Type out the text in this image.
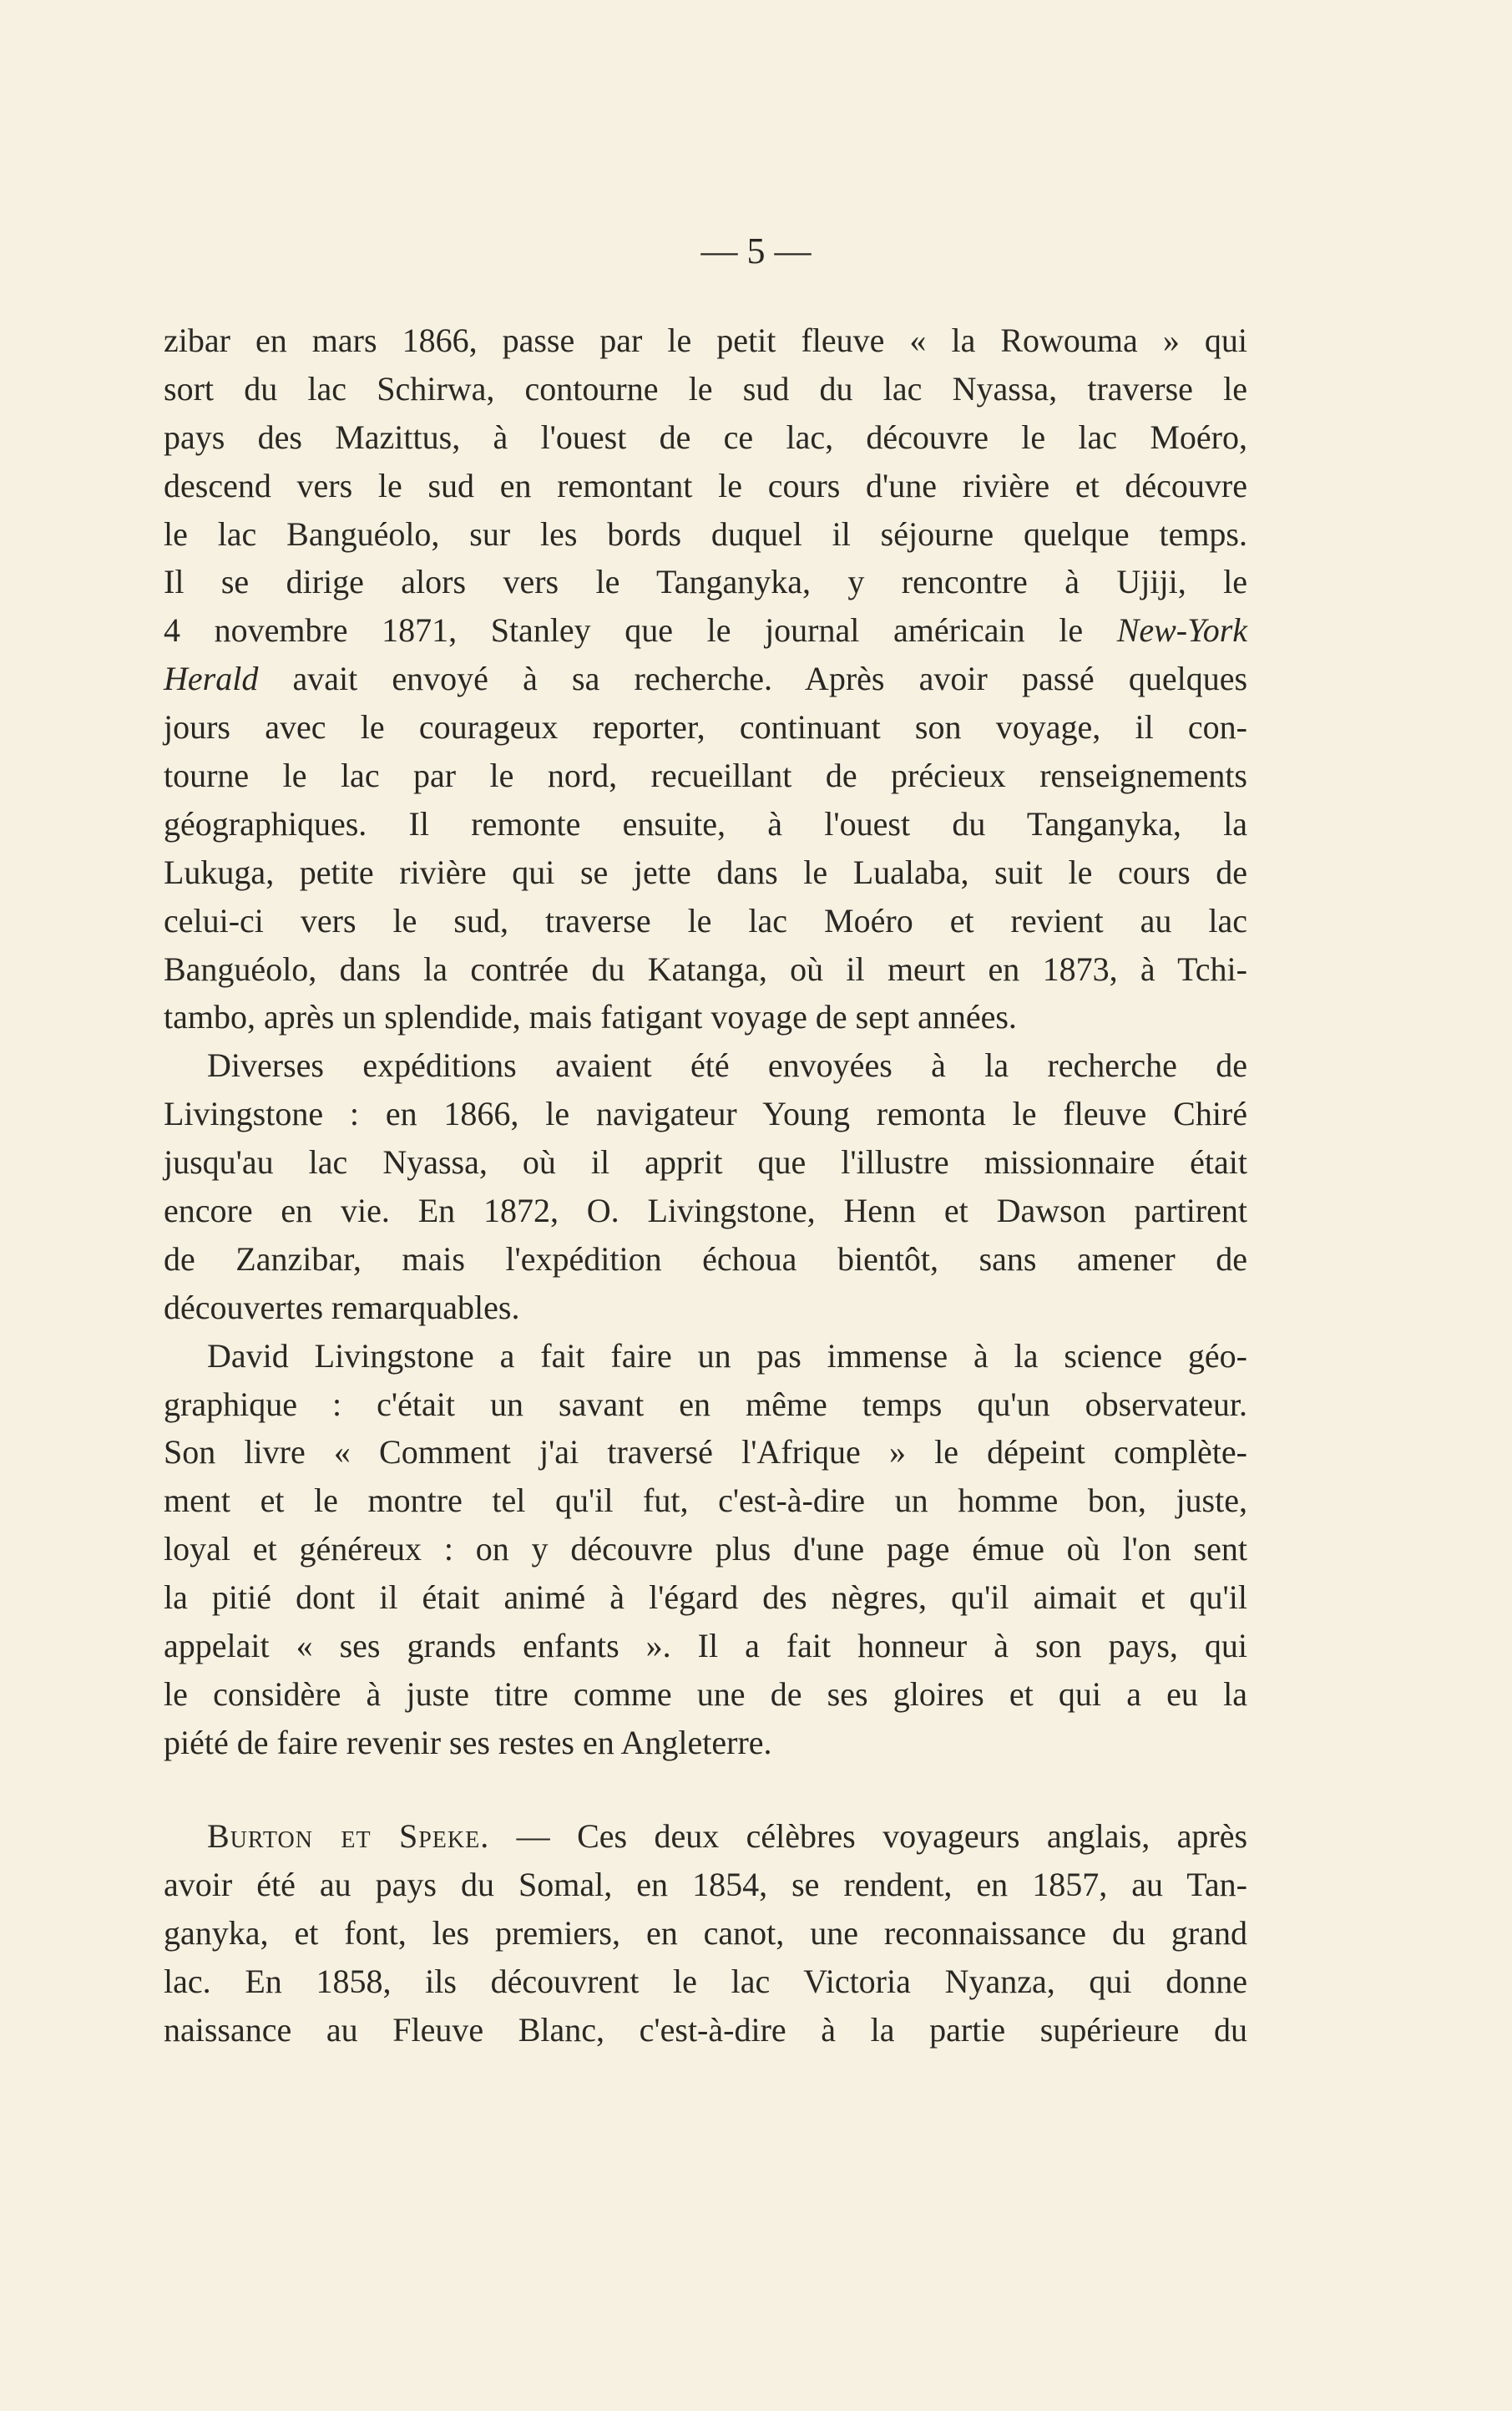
— 5 —
zibar en mars 1866, passe par le petit fleuve « la Rowouma » qui
sort du lac Schirwa, contourne le sud du lac Nyassa, traverse le
pays des Mazittus, à l'ouest de ce lac, découvre le lac Moéro,
descend vers le sud en remontant le cours d'une rivière et découvre
le lac Banguéolo, sur les bords duquel il séjourne quelque temps.
Il se dirige alors vers le Tanganyka, y rencontre à Ujiji, le
4 novembre 1871, Stanley que le journal américain le New-York
Herald avait envoyé à sa recherche. Après avoir passé quelques
jours avec le courageux reporter, continuant son voyage, il con-
tourne le lac par le nord, recueillant de précieux renseignements
géographiques. Il remonte ensuite, à l'ouest du Tanganyka, la
Lukuga, petite rivière qui se jette dans le Lualaba, suit le cours de
celui-ci vers le sud, traverse le lac Moéro et revient au lac
Banguéolo, dans la contrée du Katanga, où il meurt en 1873, à Tchi-
tambo, après un splendide, mais fatigant voyage de sept années.
Diverses expéditions avaient été envoyées à la recherche de
Livingstone : en 1866, le navigateur Young remonta le fleuve Chiré
jusqu'au lac Nyassa, où il apprit que l'illustre missionnaire était
encore en vie. En 1872, O. Livingstone, Henn et Dawson partirent
de Zanzibar, mais l'expédition échoua bientôt, sans amener de
découvertes remarquables.
David Livingstone a fait faire un pas immense à la science géo-
graphique : c'était un savant en même temps qu'un observateur.
Son livre « Comment j'ai traversé l'Afrique » le dépeint complète-
ment et le montre tel qu'il fut, c'est-à-dire un homme bon, juste,
loyal et généreux : on y découvre plus d'une page émue où l'on sent
la pitié dont il était animé à l'égard des nègres, qu'il aimait et qu'il
appelait « ses grands enfants ». Il a fait honneur à son pays, qui
le considère à juste titre comme une de ses gloires et qui a eu la
piété de faire revenir ses restes en Angleterre.
Burton et Speke. — Ces deux célèbres voyageurs anglais, après
avoir été au pays du Somal, en 1854, se rendent, en 1857, au Tan-
ganyka, et font, les premiers, en canot, une reconnaissance du grand
lac. En 1858, ils découvrent le lac Victoria Nyanza, qui donne
naissance au Fleuve Blanc, c'est-à-dire à la partie supérieure du
